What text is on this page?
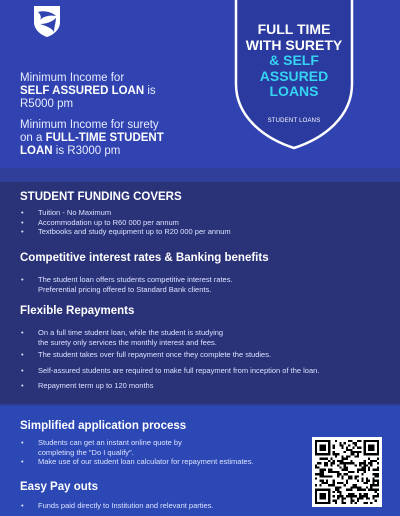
Minimum Income for
SELF ASSURED LOAN is
R5000 pm

Minimum Income for surety
on a FULL-TIME STUDENT
LOAN is R3000 pm

FULL TIME
WITH SURETY
& SELF
ASSURED
LOANS
STUDENT LOANS
STUDENT FUNDING COVERS
• Tuition - No Maximum
• Accommodation up to R60 000 per annum
• Textbooks and study equipment up to R20 000 per annum
Competitive interest rates & Banking benefits
• The student loan offers students competitive interest rates.
Preferential pricing offered to Standard Bank clients.
Flexible Repayments
• On a full time student loan, while the student is studying
the surety only services the monthly interest and fees.
• The student takes over full repayment once they complete the studies.
• Self-assured students are required to make full repayment from inception of the loan.
• Repayment term up to 120 months
Simplified application process
• Students can get an instant online quote by
completing the "Do I qualify".
• Make use of our student loan calculator for repayment estimates.
Easy Pay outs
• Funds paid directly to Institution and relevant parties.
